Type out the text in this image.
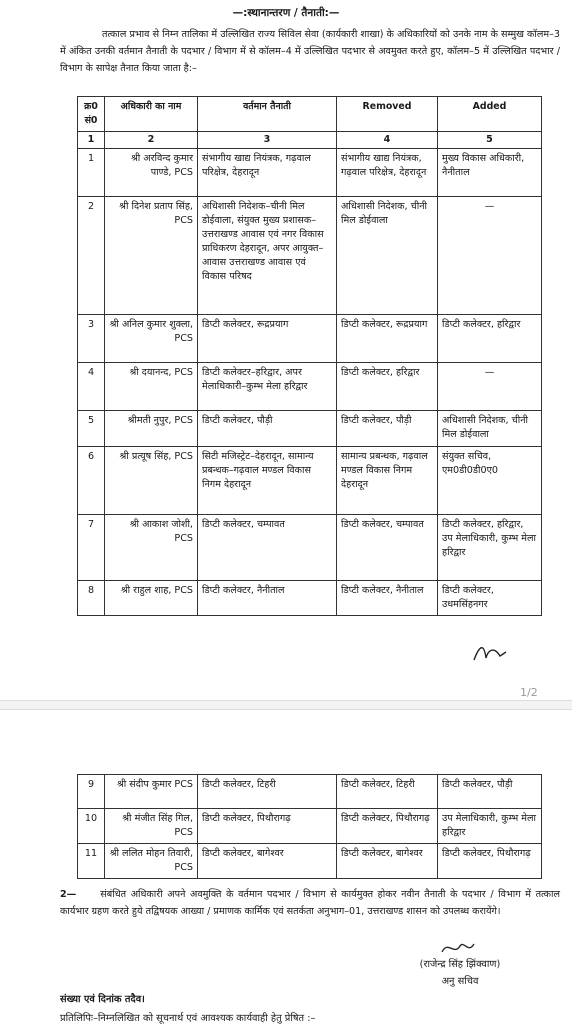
—:स्थानान्तरण / तैनाती:—
तत्काल प्रभाव से निम्न तालिका में उल्लिखित राज्य सिविल सेवा (कार्यकारी शाखा) के अधिकारियों को उनके नाम के सम्मुख कॉलम–3 में अंकित उनकी वर्तमान तैनाती के पदभार / विभाग में से कॉलम–4 में उल्लिखित पदभार से अवमुक्त करते हुए, कॉलम–5 में उल्लिखित पदभार / विभाग के सापेक्ष तैनात किया जाता है:–
क्र0 सं0	अधिकारी का नाम	वर्तमान तैनाती	Removed	Added
1	2	3	4	5
1	श्री अरविन्द कुमार पाण्डे, PCS	संभागीय खाद्य नियंत्रक, गढ़वाल परिक्षेत्र, देहरादून	संभागीय खाद्य नियंत्रक, गढ़वाल परिक्षेत्र, देहरादून	मुख्य विकास अधिकारी, नैनीताल
2	श्री दिनेश प्रताप सिंह, PCS	अधिशासी निदेशक–चीनी मिल डोईवाला, संयुक्त मुख्य प्रशासक–उत्तराखण्ड आवास एवं नगर विकास प्राधिकरण देहरादून, अपर आयुक्त–आवास उत्तराखण्ड आवास एवं विकास परिषद	अधिशासी निदेशक, चीनी मिल डोईवाला	—
3	श्री अनिल कुमार शुक्ला, PCS	डिप्टी कलेक्टर, रूद्रप्रयाग	डिप्टी कलेक्टर, रूद्रप्रयाग	डिप्टी कलेक्टर, हरिद्वार
4	श्री दयानन्द, PCS	डिप्टी कलेक्टर–हरिद्वार, अपर मेलाधिकारी–कुम्भ मेला हरिद्वार	डिप्टी कलेक्टर, हरिद्वार	—
5	श्रीमती नुपुर, PCS	डिप्टी कलेक्टर, पौड़ी	डिप्टी कलेक्टर, पौड़ी	अधिशासी निदेशक, चीनी मिल डोईवाला
6	श्री प्रत्यूष सिंह, PCS	सिटी मजिस्ट्रेट–देहरादून, सामान्य प्रबन्धक–गढ़वाल मण्डल विकास निगम देहरादून	सामान्य प्रबन्धक, गढ़वाल मण्डल विकास निगम देहरादून	संयुक्त सचिव, एम0डी0डी0ए0
7	श्री आकाश जोशी, PCS	डिप्टी कलेक्टर, चम्पावत	डिप्टी कलेक्टर, चम्पावत	डिप्टी कलेक्टर, हरिद्वार, उप मेलाधिकारी, कुम्भ मेला हरिद्वार
8	श्री राहुल शाह, PCS	डिप्टी कलेक्टर, नैनीताल	डिप्टी कलेक्टर, नैनीताल	डिप्टी कलेक्टर, उधमसिंहनगर
1/2
9	श्री संदीप कुमार PCS	डिप्टी कलेक्टर, टिहरी	डिप्टी कलेक्टर, टिहरी	डिप्टी कलेक्टर, पौड़ी
10	श्री मंजीत सिंह गिल, PCS	डिप्टी कलेक्टर, पिथौरागढ़	डिप्टी कलेक्टर, पिथौरागढ़	उप मेलाधिकारी, कुम्भ मेला हरिद्वार
11	श्री ललित मोहन तिवारी, PCS	डिप्टी कलेक्टर, बागेश्वर	डिप्टी कलेक्टर, बागेश्वर	डिप्टी कलेक्टर, पिथौरागढ़
2—	संबंधित अधिकारी अपने अवमुक्ति के वर्तमान पदभार / विभाग से कार्यमुक्त होकर नवीन तैनाती के पदभार / विभाग में तत्काल कार्यभार ग्रहण करते हुये तद्विषयक आख्या / प्रमाणक कार्मिक एवं सतर्कता अनुभाग–01, उत्तराखण्ड शासन को उपलब्ध करायेंगे।
(राजेन्द्र सिंह झिंक्वाण)
अनु सचिव
संख्या एवं दिनांक तदैव।
प्रतिलिपिः–निम्नलिखित को सूचनार्थ एवं आवश्यक कार्यवाही हेतु प्रेषित :–
